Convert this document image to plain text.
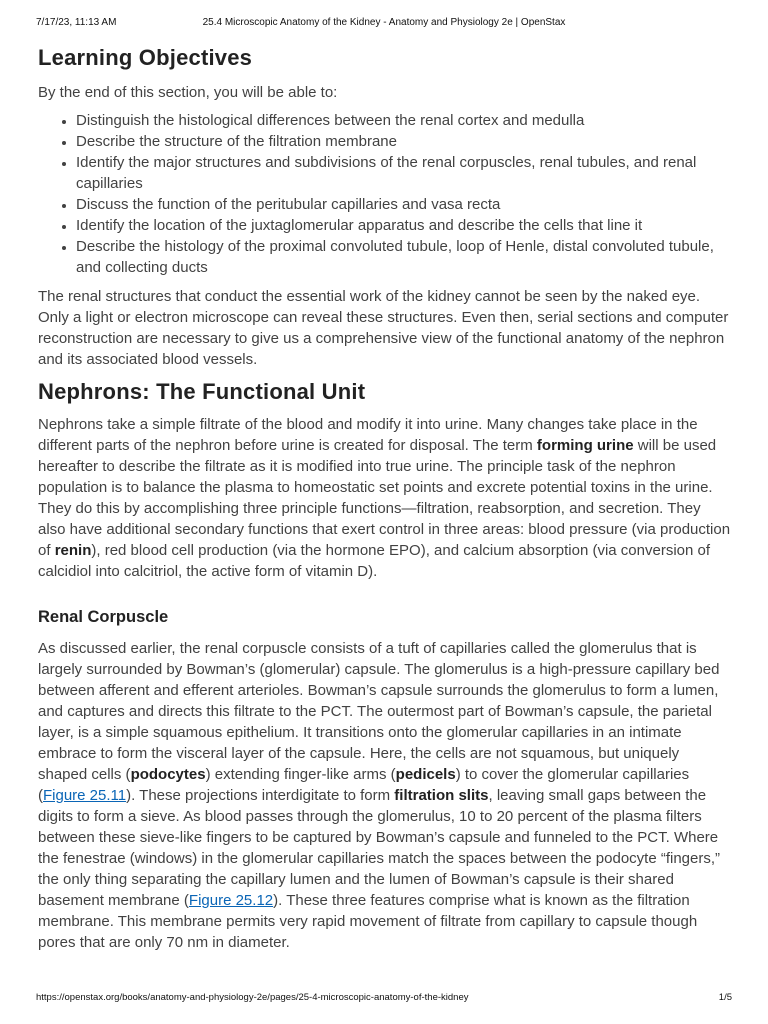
7/17/23, 11:13 AM	25.4 Microscopic Anatomy of the Kidney - Anatomy and Physiology 2e | OpenStax
Learning Objectives

By the end of this section, you will be able to:

• Distinguish the histological differences between the renal cortex and medulla
• Describe the structure of the filtration membrane
• Identify the major structures and subdivisions of the renal corpuscles, renal tubules, and renal capillaries
• Discuss the function of the peritubular capillaries and vasa recta
• Identify the location of the juxtaglomerular apparatus and describe the cells that line it
• Describe the histology of the proximal convoluted tubule, loop of Henle, distal convoluted tubule, and collecting ducts

The renal structures that conduct the essential work of the kidney cannot be seen by the naked eye. Only a light or electron microscope can reveal these structures. Even then, serial sections and computer reconstruction are necessary to give us a comprehensive view of the functional anatomy of the nephron and its associated blood vessels.

Nephrons: The Functional Unit

Nephrons take a simple filtrate of the blood and modify it into urine. Many changes take place in the different parts of the nephron before urine is created for disposal. The term forming urine will be used hereafter to describe the filtrate as it is modified into true urine. The principle task of the nephron population is to balance the plasma to homeostatic set points and excrete potential toxins in the urine. They do this by accomplishing three principle functions—filtration, reabsorption, and secretion. They also have additional secondary functions that exert control in three areas: blood pressure (via production of renin), red blood cell production (via the hormone EPO), and calcium absorption (via conversion of calcidiol into calcitriol, the active form of vitamin D).

Renal Corpuscle

As discussed earlier, the renal corpuscle consists of a tuft of capillaries called the glomerulus that is largely surrounded by Bowman’s (glomerular) capsule. The glomerulus is a high-pressure capillary bed between afferent and efferent arterioles. Bowman’s capsule surrounds the glomerulus to form a lumen, and captures and directs this filtrate to the PCT. The outermost part of Bowman’s capsule, the parietal layer, is a simple squamous epithelium. It transitions onto the glomerular capillaries in an intimate embrace to form the visceral layer of the capsule. Here, the cells are not squamous, but uniquely shaped cells (podocytes) extending finger-like arms (pedicels) to cover the glomerular capillaries (Figure 25.11). These projections interdigitate to form filtration slits, leaving small gaps between the digits to form a sieve. As blood passes through the glomerulus, 10 to 20 percent of the plasma filters between these sieve-like fingers to be captured by Bowman’s capsule and funneled to the PCT. Where the fenestrae (windows) in the glomerular capillaries match the spaces between the podocyte “fingers,” the only thing separating the capillary lumen and the lumen of Bowman’s capsule is their shared basement membrane (Figure 25.12). These three features comprise what is known as the filtration membrane. This membrane permits very rapid movement of filtrate from capillary to capsule though pores that are only 70 nm in diameter.

https://openstax.org/books/anatomy-and-physiology-2e/pages/25-4-microscopic-anatomy-of-the-kidney	1/5
